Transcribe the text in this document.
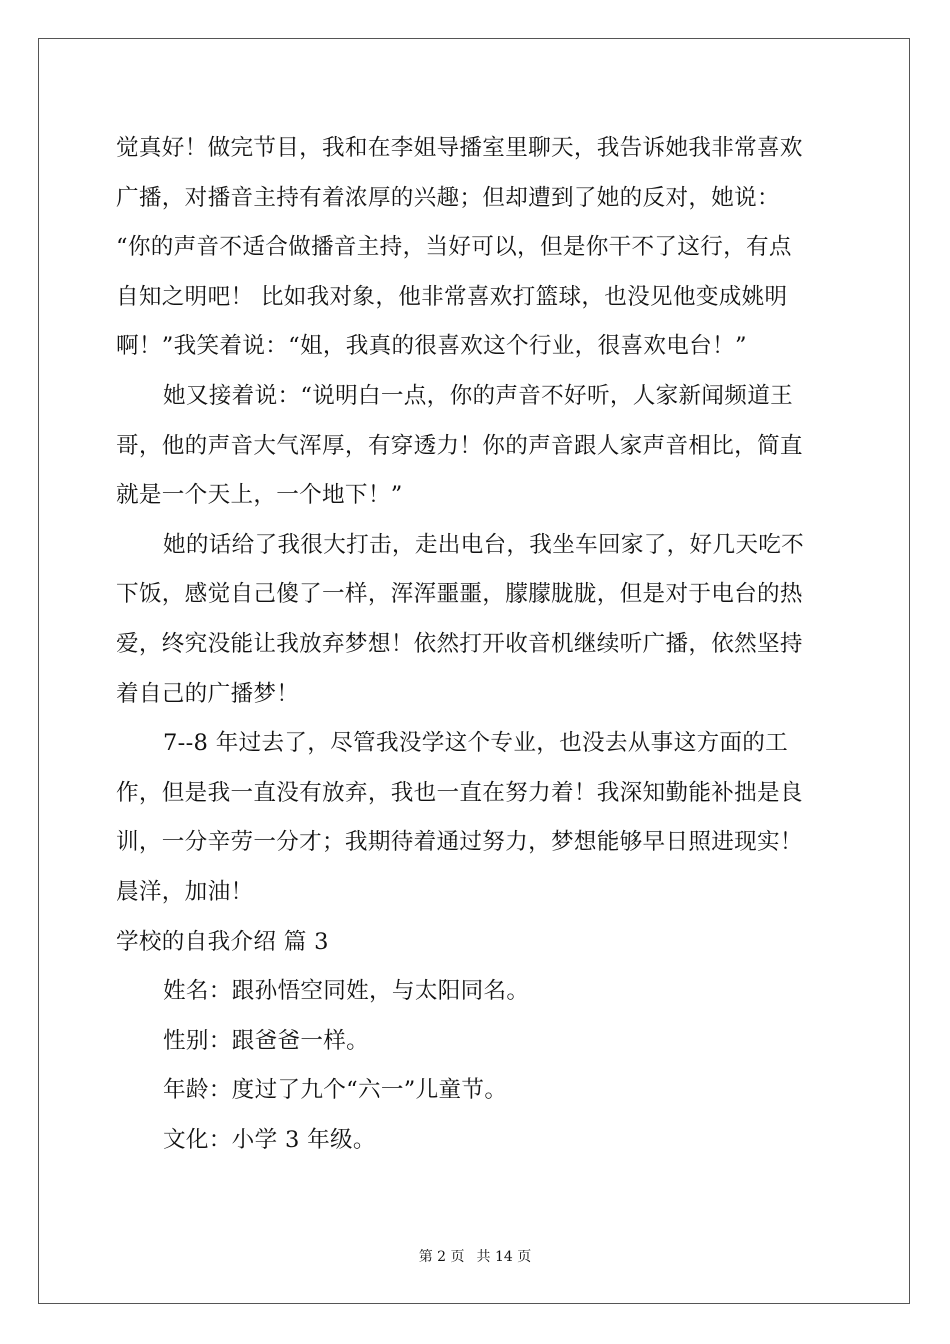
觉真好！做完节目，我和在李姐导播室里聊天，我告诉她我非常喜欢
广播，对播音主持有着浓厚的兴趣；但却遭到了她的反对，她说：
“你的声音不适合做播音主持，当好可以，但是你干不了这行，有点
自知之明吧！ 比如我对象，他非常喜欢打篮球，也没见他变成姚明
啊！”我笑着说：“姐，我真的很喜欢这个行业，很喜欢电台！”
她又接着说：“说明白一点，你的声音不好听，人家新闻频道王
哥，他的声音大气浑厚，有穿透力！你的声音跟人家声音相比，简直
就是一个天上，一个地下！”
她的话给了我很大打击，走出电台，我坐车回家了，好几天吃不
下饭，感觉自己傻了一样，浑浑噩噩，朦朦胧胧，但是对于电台的热
爱，终究没能让我放弃梦想！依然打开收音机继续听广播，依然坚持
着自己的广播梦！
7--8 年过去了，尽管我没学这个专业，也没去从事这方面的工
作，但是我一直没有放弃，我也一直在努力着！我深知勤能补拙是良
训，一分辛劳一分才；我期待着通过努力，梦想能够早日照进现实！
晨洋，加油！
学校的自我介绍 篇 3
姓名：跟孙悟空同姓，与太阳同名。
性别：跟爸爸一样。
年龄：度过了九个“六一”儿童节。
文化：小学 3 年级。
第 2 页 共 14 页
